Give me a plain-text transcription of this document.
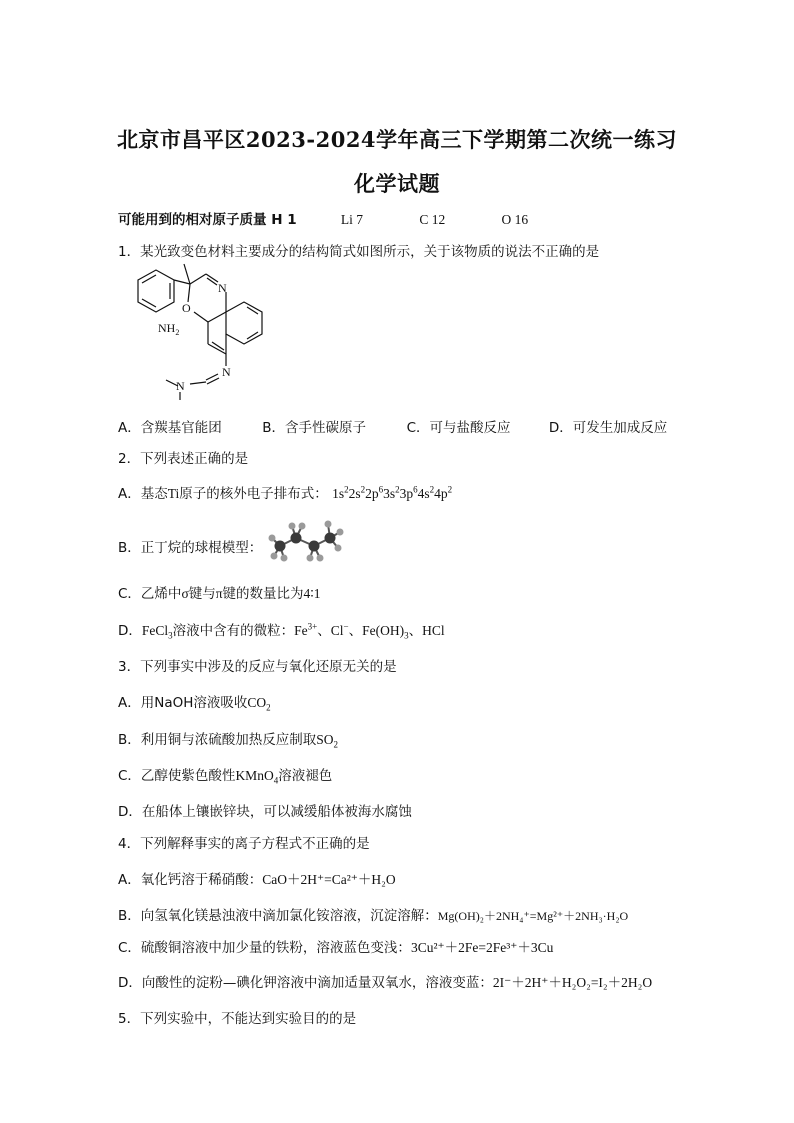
北京市昌平区2023-2024学年高三下学期第二次统一练习
化学试题
可能用到的相对原子质量 H 1	Li 7	C 12	O 16
1．某光致变色材料主要成分的结构简式如图所示，关于该物质的说法不正确的是
N
O
$NH_2$
N
N
A．含羰基官能团	B．含手性碳原子	C．可与盐酸反应	D．可发生加成反应
2．下列表述正确的是
A．基态Ti原子的核外电子排布式： $1s^22s^22p^63s^23p^64s^24p^2$
B．正丁烷的球棍模型：
C．乙烯中σ键与π键的数量比为4∶1
D．FeCl$_3$溶液中含有的微粒：$Fe^{3+}$、Cl−、$Fe(OH)_3$、HCl
3．下列事实中涉及的反应与氧化还原无关的是
A．用NaOH溶液吸收$CO_2$
B．利用铜与浓硫酸加热反应制取$SO_2$
C．乙醇使紫色酸性KMnO$_4$溶液褪色
D．在船体上镶嵌锌块，可以减缓船体被海水腐蚀
4．下列解释事实的离子方程式不正确的是
A．氧化钙溶于稀硝酸：CaO＋2H⁺=Ca²⁺＋H₂O
B．向氢氧化镁悬浊液中滴加氯化铵溶液，沉淀溶解：Mg(OH)₂＋2NH₄⁺=Mg²⁺＋2NH₃·H₂O
C．硫酸铜溶液中加少量的铁粉，溶液蓝色变浅：3Cu²⁺＋2Fe=2Fe³⁺＋3Cu
D．向酸性的淀粉—碘化钾溶液中滴加适量双氧水，溶液变蓝：2I⁻＋2H⁺＋H₂O₂=I₂＋2H₂O
5．下列实验中，不能达到实验目的的是
